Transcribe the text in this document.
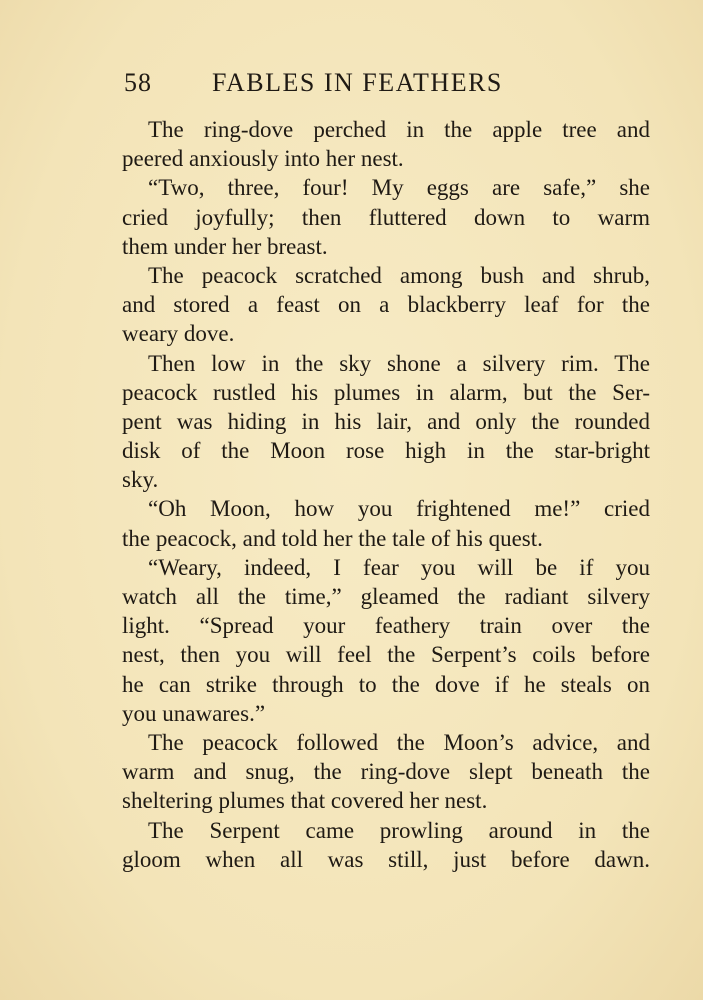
58 FABLES IN FEATHERS
The ring-dove perched in the apple tree and
peered anxiously into her nest.
“Two, three, four! My eggs are safe,” she
cried joyfully; then fluttered down to warm
them under her breast.
The peacock scratched among bush and shrub,
and stored a feast on a blackberry leaf for the
weary dove.
Then low in the sky shone a silvery rim. The
peacock rustled his plumes in alarm, but the Ser-
pent was hiding in his lair, and only the rounded
disk of the Moon rose high in the star-bright
sky.
“Oh Moon, how you frightened me!” cried
the peacock, and told her the tale of his quest.
“Weary, indeed, I fear you will be if you
watch all the time,” gleamed the radiant silvery
light. “Spread your feathery train over the
nest, then you will feel the Serpent’s coils before
he can strike through to the dove if he steals on
you unawares.”
The peacock followed the Moon’s advice, and
warm and snug, the ring-dove slept beneath the
sheltering plumes that covered her nest.
The Serpent came prowling around in the
gloom when all was still, just before dawn.
